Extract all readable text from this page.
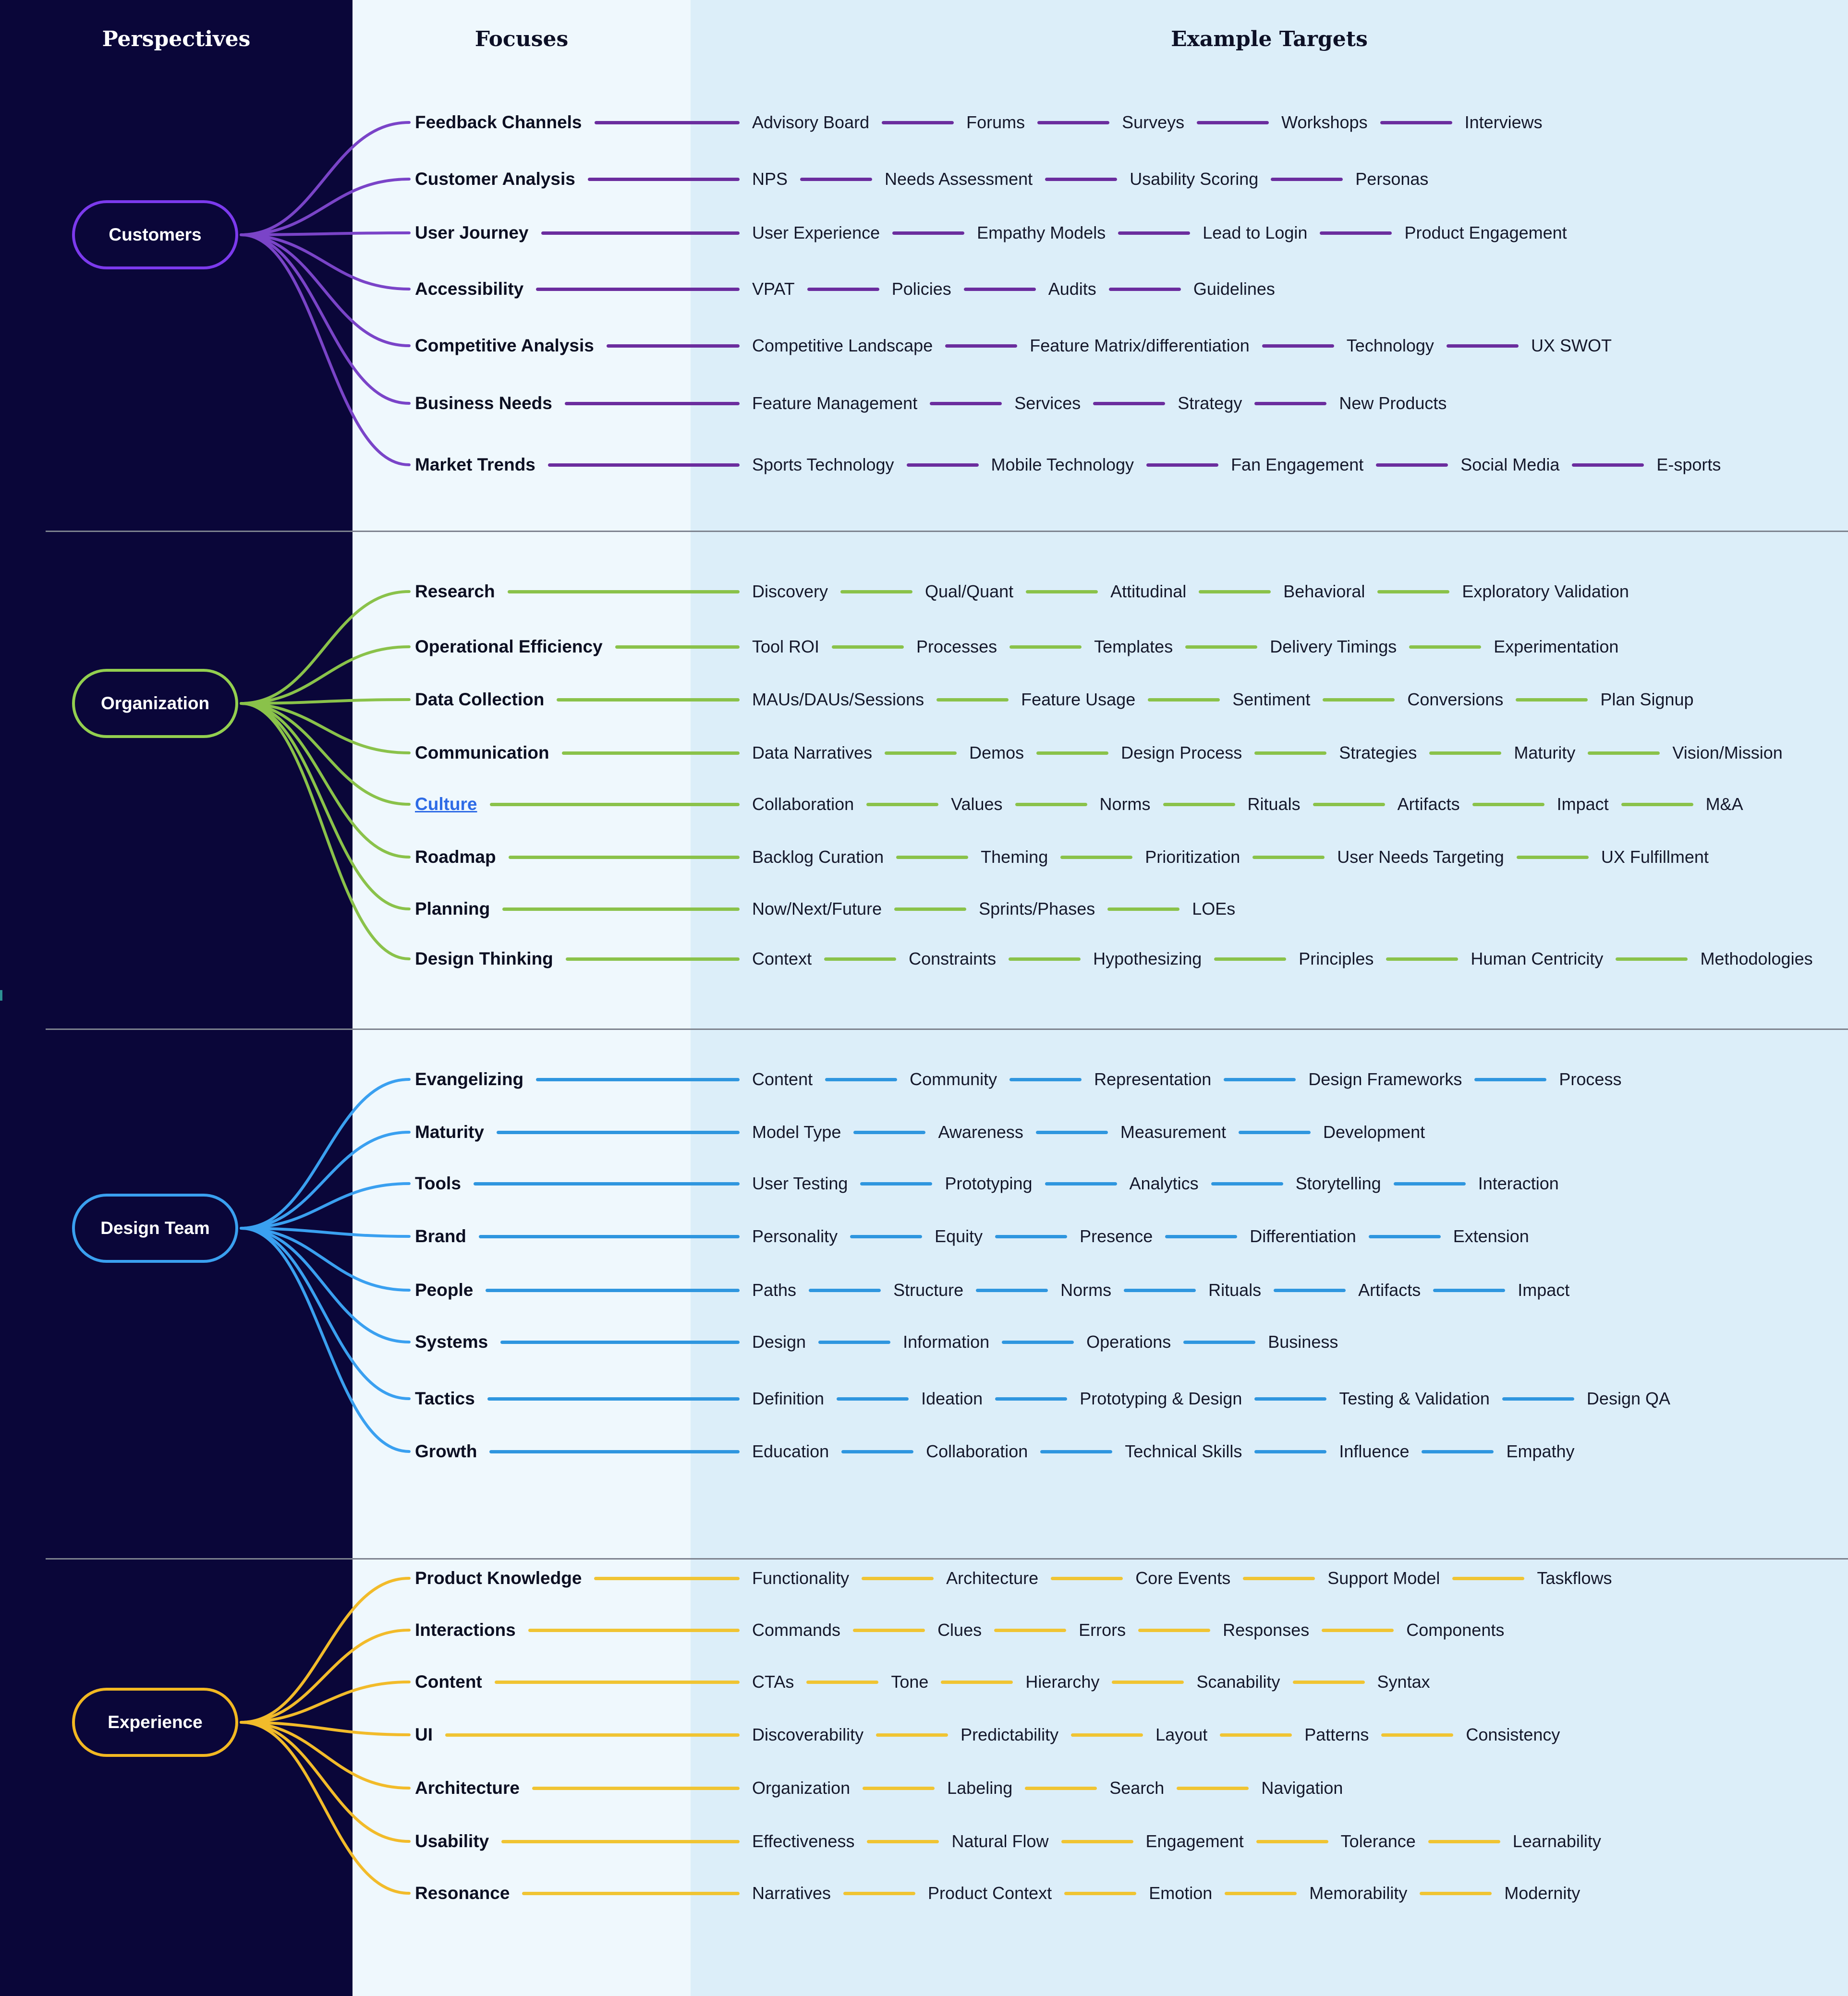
Perspectives	Focuses	Example Targets
Customers
Feedback Channels	Advisory Board	Forums	Surveys	Workshops	Interviews
Customer Analysis	NPS	Needs Assessment	Usability Scoring	Personas
User Journey	User Experience	Empathy Models	Lead to Login	Product Engagement
Accessibility	VPAT	Policies	Audits	Guidelines
Competitive Analysis	Competitive Landscape	Feature Matrix/differentiation	Technology	UX SWOT
Business Needs	Feature Management	Services	Strategy	New Products
Market Trends	Sports Technology	Mobile Technology	Fan Engagement	Social Media	E-sports
Organization
Research	Discovery	Qual/Quant	Attitudinal	Behavioral	Exploratory Validation
Operational Efficiency	Tool ROI	Processes	Templates	Delivery Timings	Experimentation
Data Collection	MAUs/DAUs/Sessions	Feature Usage	Sentiment	Conversions	Plan Signup
Communication	Data Narratives	Demos	Design Process	Strategies	Maturity	Vision/Mission
Culture	Collaboration	Values	Norms	Rituals	Artifacts	Impact	M&A
Roadmap	Backlog Curation	Theming	Prioritization	User Needs Targeting	UX Fulfillment
Planning	Now/Next/Future	Sprints/Phases	LOEs
Design Thinking	Context	Constraints	Hypothesizing	Principles	Human Centricity	Methodologies
Design Team
Evangelizing	Content	Community	Representation	Design Frameworks	Process
Maturity	Model Type	Awareness	Measurement	Development
Tools	User Testing	Prototyping	Analytics	Storytelling	Interaction
Brand	Personality	Equity	Presence	Differentiation	Extension
People	Paths	Structure	Norms	Rituals	Artifacts	Impact
Systems	Design	Information	Operations	Business
Tactics	Definition	Ideation	Prototyping & Design	Testing & Validation	Design QA
Growth	Education	Collaboration	Technical Skills	Influence	Empathy
Experience
Product Knowledge	Functionality	Architecture	Core Events	Support Model	Taskflows
Interactions	Commands	Clues	Errors	Responses	Components
Content	CTAs	Tone	Hierarchy	Scanability	Syntax
UI	Discoverability	Predictability	Layout	Patterns	Consistency
Architecture	Organization	Labeling	Search	Navigation
Usability	Effectiveness	Natural Flow	Engagement	Tolerance	Learnability
Resonance	Narratives	Product Context	Emotion	Memorability	Modernity
